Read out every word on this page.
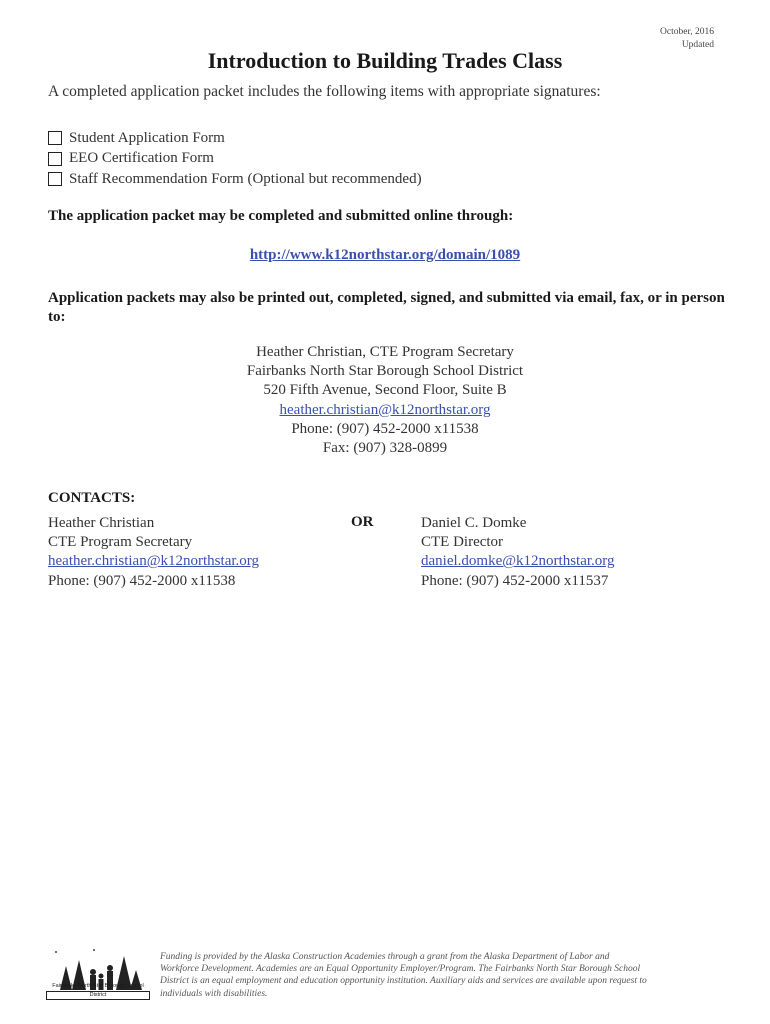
October, 2016
Updated
Introduction to Building Trades Class
A completed application packet includes the following items with appropriate signatures:
Student Application Form
EEO Certification Form
Staff Recommendation Form (Optional but recommended)
The application packet may be completed and submitted online through:
http://www.k12northstar.org/domain/1089
Application packets may also be printed out, completed, signed, and submitted via email, fax, or in person to:
Heather Christian, CTE Program Secretary
Fairbanks North Star Borough School District
520 Fifth Avenue, Second Floor, Suite B
heather.christian@k12northstar.org
Phone: (907) 452-2000 x11538
Fax: (907) 328-0899
CONTACTS:
Heather Christian
CTE Program Secretary
heather.christian@k12northstar.org
Phone: (907) 452-2000 x11538
OR	Daniel C. Domke
CTE Director
daniel.domke@k12northstar.org
Phone: (907) 452-2000 x11537
Fairbanks North Star Borough School District
Funding is provided by the Alaska Construction Academies through a grant from the Alaska Department of Labor and Workforce Development. Academies are an Equal Opportunity Employer/Program. The Fairbanks North Star Borough School District is an equal employment and education opportunity institution. Auxiliary aids and services are available upon request to individuals with disabilities.
